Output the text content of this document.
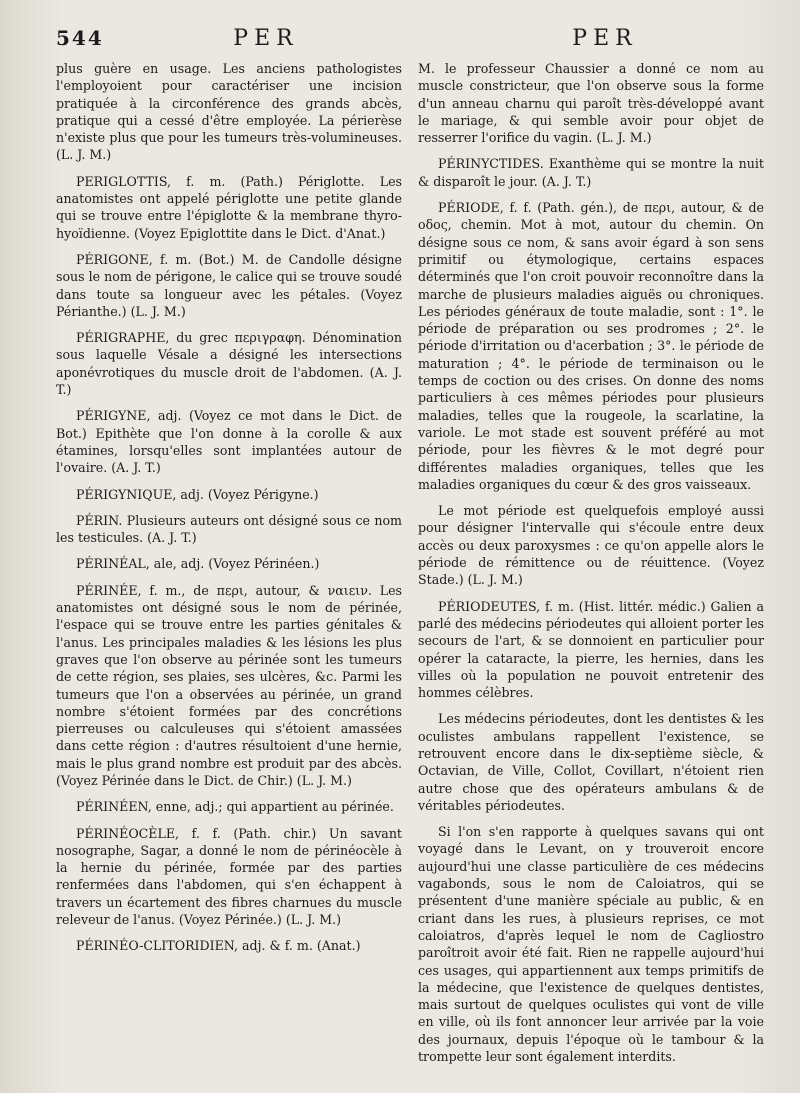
544	PER	PER

plus guère en usage. Les anciens pathologistes l'employoient pour caractériser une incision pratiquée à la circonférence des grands abcès, pratique qui a cessé d'être employée. La périerèse n'existe plus que pour les tumeurs très-volumineuses. (L. J. M.)

PERIGLOTTIS, f. m. (Path.) Périglotte. Les anatomistes ont appelé périglotte une petite glande qui se trouve entre l'épiglotte & la membrane thyro-hyoïdienne. (Voyez Epiglottite dans le Dict. d'Anat.)

PÉRIGONE, f. m. (Bot.) M. de Candolle désigne sous le nom de périgone, le calice qui se trouve soudé dans toute sa longueur avec les pétales. (Voyez Périanthe.) (L. J. M.)

PÉRIGRAPHE, du grec περιγραφη. Dénomination sous laquelle Vésale a désigné les intersections aponévrotiques du muscle droit de l'abdomen. (A. J. T.)

PÉRIGYNE, adj. (Voyez ce mot dans le Dict. de Bot.) Epithète que l'on donne à la corolle & aux étamines, lorsqu'elles sont implantées autour de l'ovaire. (A. J. T.)

PÉRIGYNIQUE, adj. (Voyez Périgyne.)

PÉRIN. Plusieurs auteurs ont désigné sous ce nom les testicules. (A. J. T.)

PÉRINÉAL, ale, adj. (Voyez Périnéen.)

PÉRINÉE, f. m., de περι, autour, & ναιειν. Les anatomistes ont désigné sous le nom de périnée, l'espace qui se trouve entre les parties génitales & l'anus. Les principales maladies & les lésions les plus graves que l'on observe au périnée sont les tumeurs de cette région, ses plaies, ses ulcères, &c. Parmi les tumeurs que l'on a observées au périnée, un grand nombre s'étoient formées par des concrétions pierreuses ou calculeuses qui s'étoient amassées dans cette région : d'autres résultoient d'une hernie, mais le plus grand nombre est produit par des abcès. (Voyez Périnée dans le Dict. de Chir.) (L. J. M.)

PÉRINÉEN, enne, adj.; qui appartient au périnée.

PÉRINÉOCÈLE, f. f. (Path. chir.) Un savant nosographe, Sagar, a donné le nom de périnéocèle à la hernie du périnée, formée par des parties renfermées dans l'abdomen, qui s'en échappent à travers un écartement des fibres charnues du muscle releveur de l'anus. (Voyez Périnée.) (L. J. M.)

PÉRINÉO-CLITORIDIEN, adj. & f. m. (Anat.)

M. le professeur Chaussier a donné ce nom au muscle constricteur, que l'on observe sous la forme d'un anneau charnu qui paroît très-développé avant le mariage, & qui semble avoir pour objet de resserrer l'orifice du vagin. (L. J. M.)

PÉRINYCTIDES. Exanthème qui se montre la nuit & disparoît le jour. (A. J. T.)

PÉRIODE, f. f. (Path. gén.), de περι, autour, & de οδος, chemin. Mot à mot, autour du chemin. On désigne sous ce nom, & sans avoir égard à son sens primitif ou étymologique, certains espaces déterminés que l'on croit pouvoir reconnoître dans la marche de plusieurs maladies aiguës ou chroniques. Les périodes généraux de toute maladie, sont : 1°. le période de préparation ou ses prodromes ; 2°. le période d'irritation ou d'acerbation ; 3°. le période de maturation ; 4°. le période de terminaison ou le temps de coction ou des crises. On donne des noms particuliers à ces mêmes périodes pour plusieurs maladies, telles que la rougeole, la scarlatine, la variole. Le mot stade est souvent préféré au mot période, pour les fièvres & le mot degré pour différentes maladies organiques, telles que les maladies organiques du cœur & des gros vaisseaux.

Le mot période est quelquefois employé aussi pour désigner l'intervalle qui s'écoule entre deux accès ou deux paroxysmes : ce qu'on appelle alors le période de rémittence ou de réuittence. (Voyez Stade.) (L. J. M.)

PÉRIODEUTES, f. m. (Hist. littér. médic.) Galien a parlé des médecins périodeutes qui alloient porter les secours de l'art, & se donnoient en particulier pour opérer la cataracte, la pierre, les hernies, dans les villes où la population ne pouvoit entretenir des hommes célèbres.

Les médecins périodeutes, dont les dentistes & les oculistes ambulans rappellent l'existence, se retrouvent encore dans le dix-septième siècle, & Octavian, de Ville, Collot, Covillart, n'étoient rien autre chose que des opérateurs ambulans & de véritables périodeutes.

Si l'on s'en rapporte à quelques savans qui ont voyagé dans le Levant, on y trouveroit encore aujourd'hui une classe particulière de ces médecins vagabonds, sous le nom de Caloiatros, qui se présentent d'une manière spéciale au public, & en criant dans les rues, à plusieurs reprises, ce mot caloiatros, d'après lequel le nom de Cagliostro paroîtroit avoir été fait. Rien ne rappelle aujourd'hui ces usages, qui appartiennent aux temps primitifs de la médecine, que l'existence de quelques dentistes, mais surtout de quelques oculistes qui vont de ville en ville, où ils font annoncer leur arrivée par la voie des journaux, depuis l'époque où le tambour & la trompette leur sont également interdits.
